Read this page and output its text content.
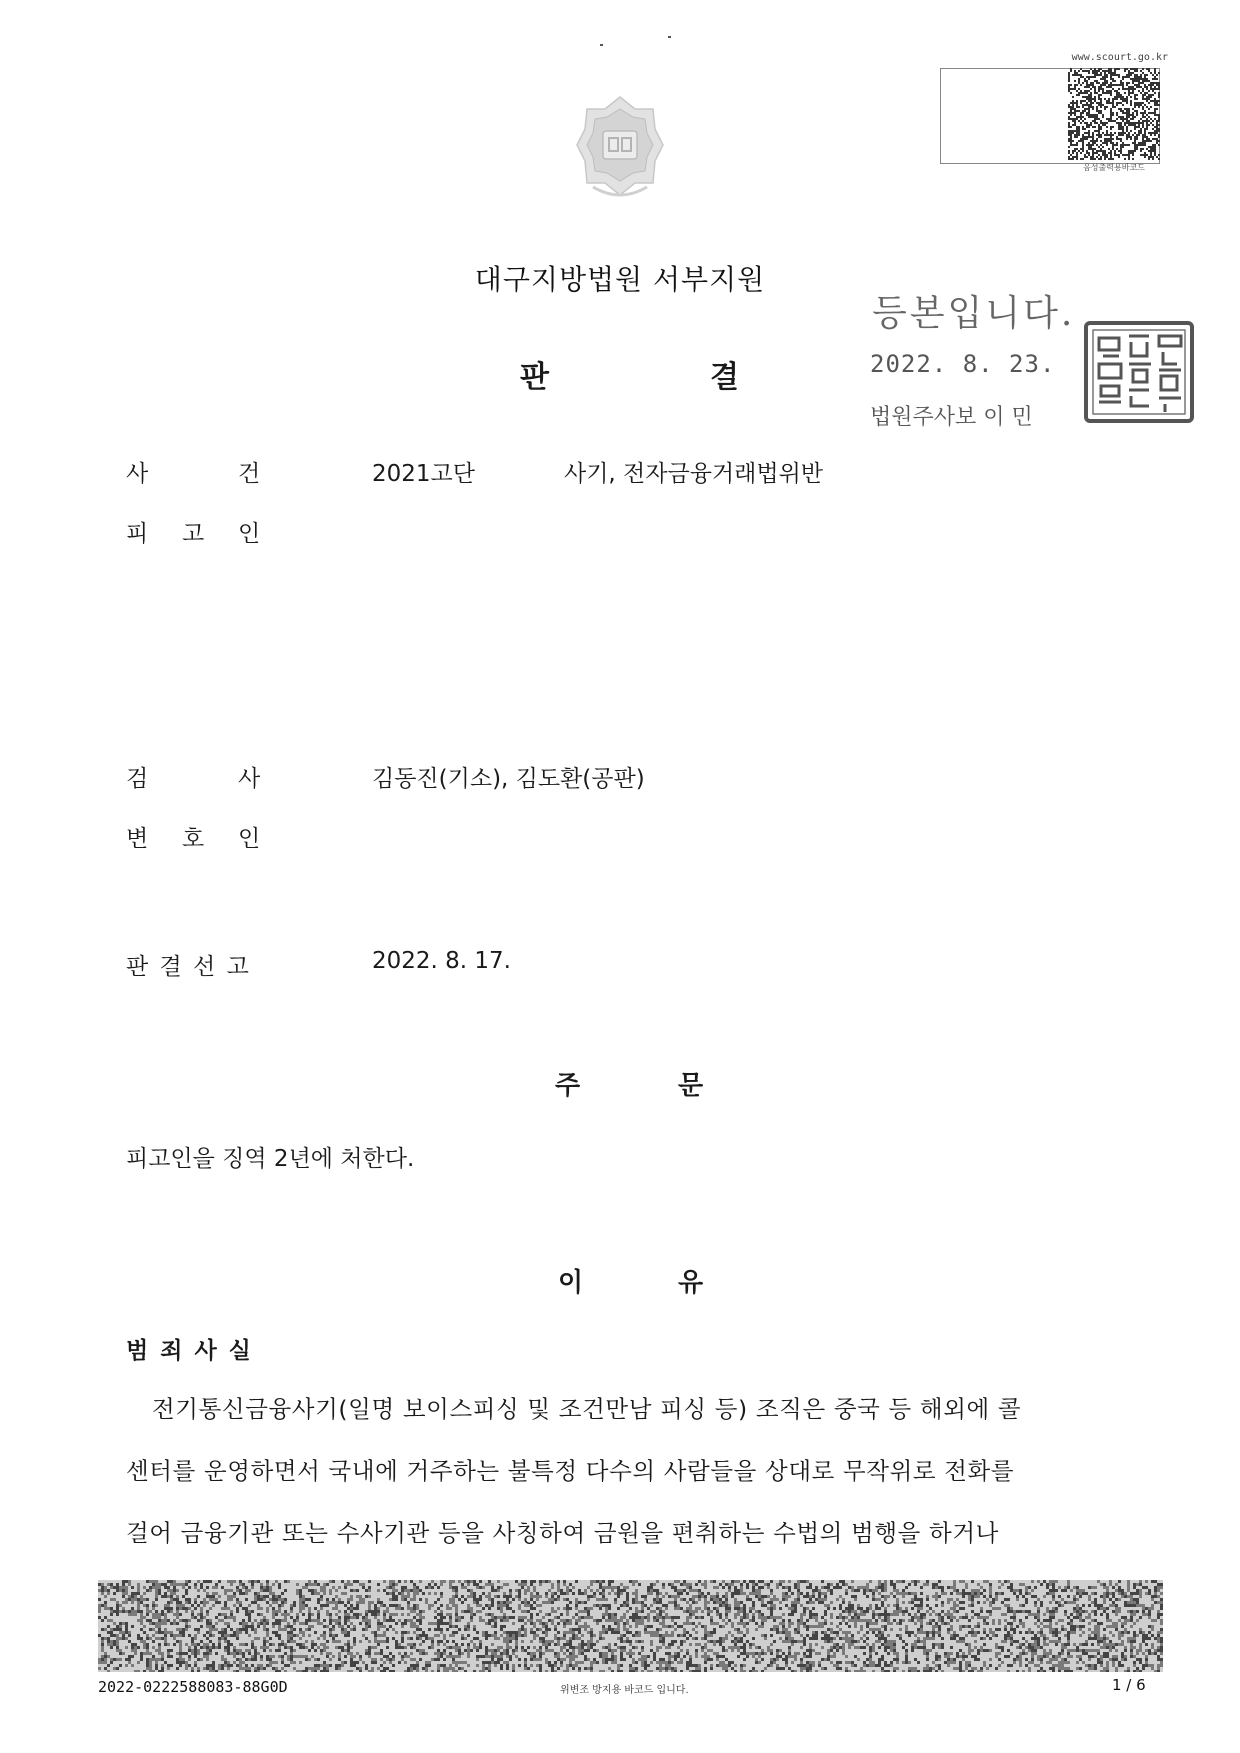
www.scourt.go.kr
음성출력용바코드
대구지방법원 서부지원
판	결
등본입니다.
2022. 8. 23.
법원주사보 이 민
사	건	2021고단	사기, 전자금융거래법위반
피 고 인
검	사	김동진(기소), 김도환(공판)
변 호 인
판 결 선 고	2022. 8. 17.
주	문
피고인을 징역 2년에 처한다.
이	유
범 죄 사 실
전기통신금융사기(일명 보이스피싱 및 조건만남 피싱 등) 조직은 중국 등 해외에 콜
센터를 운영하면서 국내에 거주하는 불특정 다수의 사람들을 상대로 무작위로 전화를
걸어 금융기관 또는 수사기관 등을 사칭하여 금원을 편취하는 수법의 범행을 하거나
2022-0222588083-88G0D	위변조 방지용 바코드 입니다.	1 / 6
